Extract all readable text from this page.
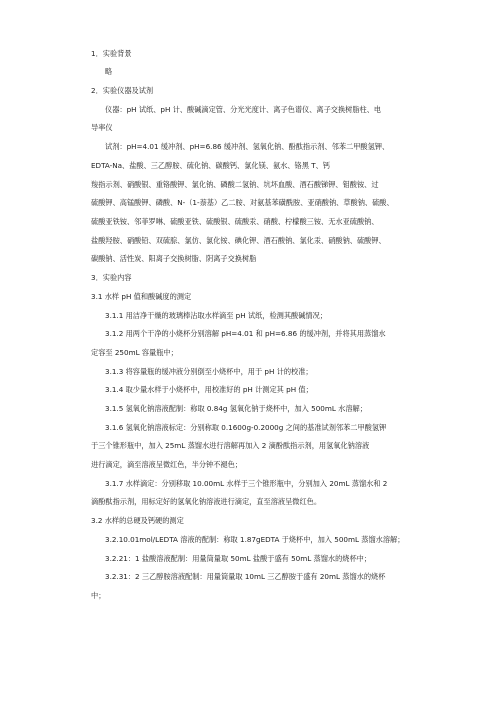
1．实验背景
略
2．实验仪器及试剂
仪器：pH 试纸、pH 计、酸碱滴定管、分光光度计、离子色谱仪、离子交换树脂柱、电
导率仪
试剂：pH=4.01 缓冲剂、pH=6.86 缓冲剂、氢氧化钠、酚酞指示剂、邻苯二甲酸氢钾、
EDTA-Na、盐酸、三乙醇胺、硫化钠、碳酸钙、氯化镁、氨水、铬黑 T、钙
羧指示剂、硝酸银、重铬酸钾、氯化钠、磷酸二氢钠、坑坏血酸、酒石酸锑钾、钼酸铵、过
硫酸钾、高锰酸钾、磷酸、N-（1-萘基）乙二胺、对氨基苯磺酰胺、亚硝酸钠、草酸钠、硫酸、
硫酸亚铁铵、邻菲罗啉、硫酸亚铁、硫酸银、硫酸汞、硝酸、柠檬酸三铵、无水亚硫酸钠、
盐酸羟胺、硝酸铅、双硫腙、氯仿、氯化铵、碘化钾、酒石酸钠、氯化汞、硝酸钠、硫酸钾、
碳酸钠、活性炭、阳离子交换树脂、阴离子交换树脂
3．实验内容
3.1 水样 pH 值和酸碱度的测定
3.1.1 用洁净干燥的玻璃棒沾取水样滴至 pH 试纸，检测其酸碱情况；
3.1.2 用两个干净的小烧杯分别溶解 pH=4.01 和 pH=6.86 的缓冲剂，并将其用蒸馏水
定容至 250mL 容量瓶中；
3.1.3 将容量瓶的缓冲液分别倒至小烧杯中，用于 pH 计的校准；
3.1.4 取少量水样于小烧杯中，用校准好的 pH 计测定其 pH 值；
3.1.5 氢氧化钠溶液配制：称取 0.84g 氢氧化钠于烧杯中，加入 500mL 水溶解；
3.1.6 氢氧化钠溶液标定：分别称取 0.1600g-0.2000g 之间的基准试剂邻苯二甲酸氢钾
于三个锥形瓶中，加入 25mL 蒸馏水进行溶解再加入 2 滴酚酞指示剂，用氢氧化钠溶液
进行滴定，滴至溶液呈微红色，半分钟不褪色；
3.1.7 水样滴定：分别移取 10.00mL 水样于三个锥形瓶中，分别加入 20mL 蒸馏水和 2
滴酚酞指示剂，用标定好的氢氧化钠溶液进行滴定，直至溶液呈微红色。
3.2 水样的总硬及钙硬的测定
3.2.10.01mol/LEDTA 溶液的配制：称取 1.87gEDTA 于烧杯中，加入 500mL 蒸馏水溶解；
3.2.21：1 盐酸溶液配制：用量筒量取 50mL 盐酸于盛有 50mL 蒸馏水的烧杯中；
3.2.31：2 三乙醇胺溶液配制：用量筒量取 10mL 三乙醇胺于盛有 20mL 蒸馏水的烧杯
中；
